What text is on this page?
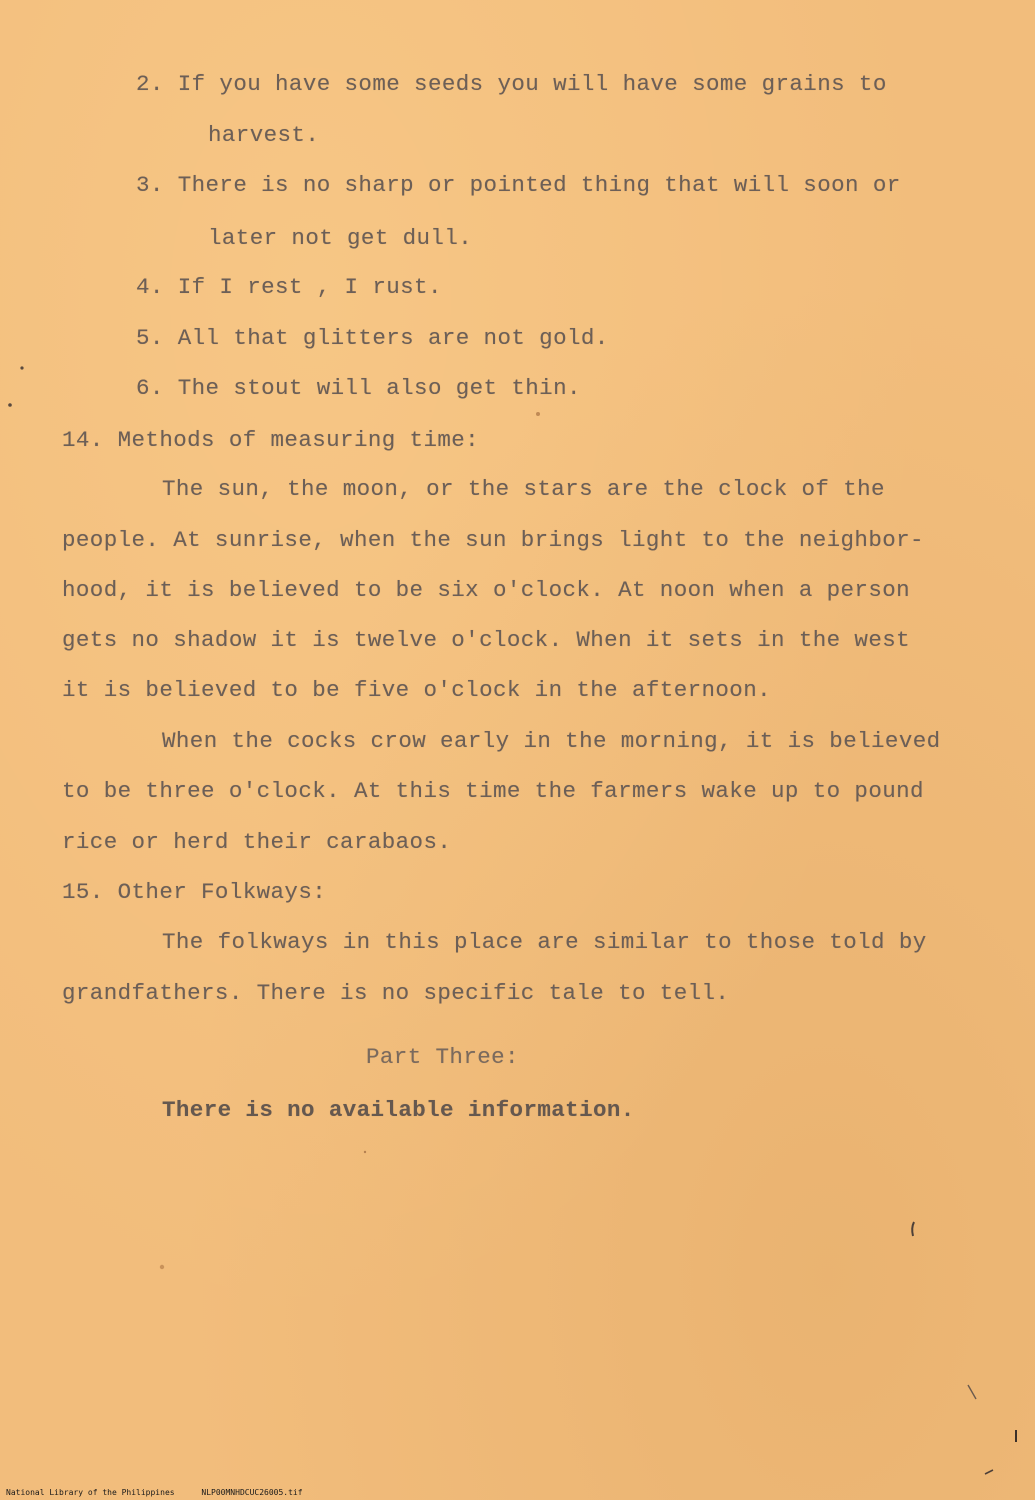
2. If you have some seeds you will have some grains to
harvest.
3. There is no sharp or pointed thing that will soon or
later not get dull.
4. If I rest , I rust.
5. All that glitters are not gold.
6. The stout will also get thin.
14. Methods of measuring time:
The sun, the moon, or the stars are the clock of the
people. At sunrise, when the sun brings light to the neighbor-
hood, it is believed to be six o'clock. At noon when a person
gets no shadow it is twelve o'clock. When it sets in the west
it is believed to be five o'clock in the afternoon.
When the cocks crow early in the morning, it is believed
to be three o'clock. At this time the farmers wake up to pound
rice or herd their carabaos.
15. Other Folkways:
The folkways in this place are similar to those told by
grandfathers. There is no specific tale to tell.
Part Three:
There is no available information.
National Library of the Philippines	NLP00MNHDCUC26005.tif
